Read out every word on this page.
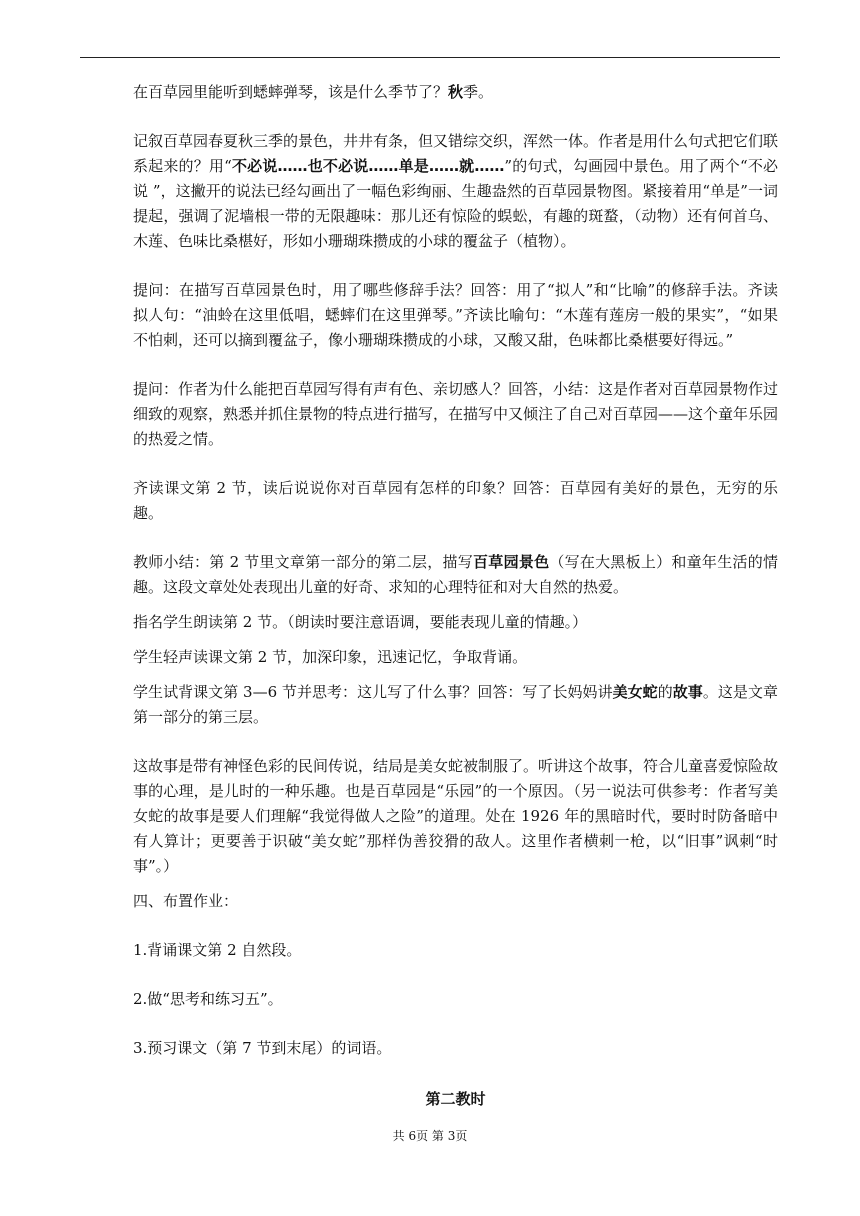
在百草园里能听到蟋蟀弹琴，该是什么季节了？秋季。

记叙百草园春夏秋三季的景色，井井有条，但又错综交织，浑然一体。作者是用什么句式把它们联系起来的？用“不必说……也不必说……单是……就……”的句式，勾画园中景色。用了两个“不必说 ”，这撇开的说法已经勾画出了一幅色彩绚丽、生趣盎然的百草园景物图。紧接着用“单是”一词提起，强调了泥墙根一带的无限趣味：那儿还有惊险的蜈蚣，有趣的斑蝥，（动物）还有何首乌、木莲、色味比桑椹好，形如小珊瑚珠攒成的小球的覆盆子（植物）。

提问：在描写百草园景色时，用了哪些修辞手法？回答：用了“拟人”和“比喻”的修辞手法。齐读拟人句：“油蛉在这里低唱，蟋蟀们在这里弹琴。”齐读比喻句：“木莲有莲房一般的果实”，“如果不怕刺，还可以摘到覆盆子，像小珊瑚珠攒成的小球，又酸又甜，色味都比桑椹要好得远。”

提问：作者为什么能把百草园写得有声有色、亲切感人？回答，小结：这是作者对百草园景物作过细致的观察，熟悉并抓住景物的特点进行描写，在描写中又倾注了自己对百草园——这个童年乐园的热爱之情。

齐读课文第 2 节，读后说说你对百草园有怎样的印象？回答：百草园有美好的景色，无穷的乐趣。

教师小结：第 2 节里文章第一部分的第二层，描写百草园景色（写在大黑板上）和童年生活的情趣。这段文章处处表现出儿童的好奇、求知的心理特征和对大自然的热爱。

指名学生朗读第 2 节。（朗读时要注意语调，要能表现儿童的情趣。）

学生轻声读课文第 2 节，加深印象，迅速记忆，争取背诵。

学生试背课文第 3—6 节并思考：这儿写了什么事？回答：写了长妈妈讲美女蛇的故事。这是文章第一部分的第三层。

这故事是带有神怪色彩的民间传说，结局是美女蛇被制服了。听讲这个故事，符合儿童喜爱惊险故事的心理，是儿时的一种乐趣。也是百草园是“乐园”的一个原因。（另一说法可供参考：作者写美女蛇的故事是要人们理解“我觉得做人之险”的道理。处在 1926 年的黑暗时代，要时时防备暗中有人算计；更要善于识破“美女蛇”那样伪善狡猾的敌人。这里作者横刺一枪，以“旧事”讽刺“时事”。）

四、布置作业：

1.背诵课文第 2 自然段。

2.做“思考和练习五”。

3.预习课文（第 7 节到末尾）的词语。

第二教时
共 6页 第 3页
